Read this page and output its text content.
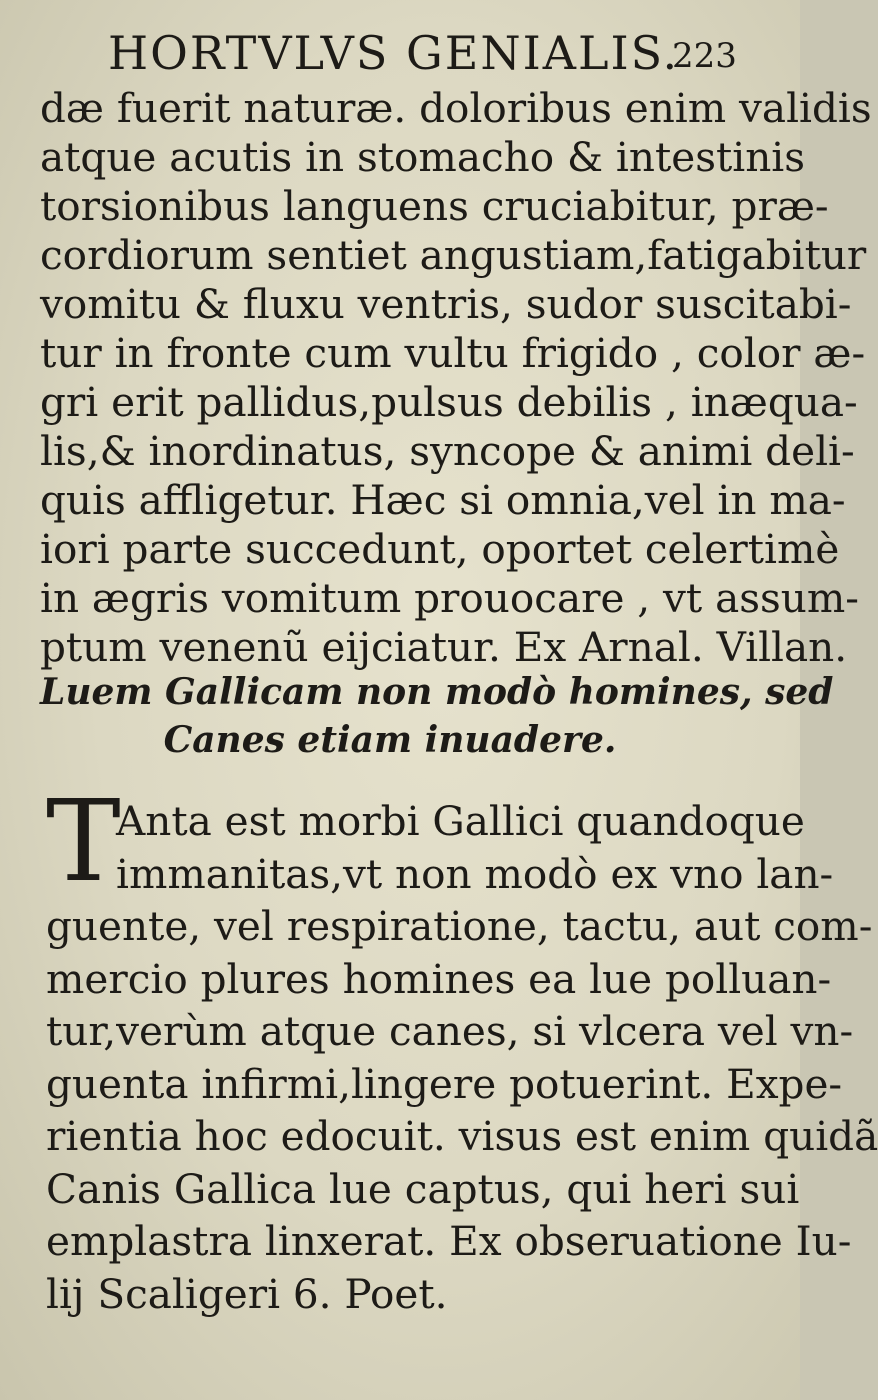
HORTVLVS GENIALIS.
223
dæ fuerit naturæ. doloribus enim validis
atque acutis in stomacho & intestinis
torsionibus languens cruciabitur, præ-
cordiorum sentiet angustiam,fatigabitur
vomitu & fluxu ventris, sudor suscitabi-
tur in fronte cum vultu frigido , color æ-
gri erit pallidus,pulsus debilis , inæqua-
lis,& inordinatus, syncope & animi deli-
quis affligetur. Hæc si omnia,vel in ma-
iori parte succedunt, oportet celertimè
in ægris vomitum prouocare , vt assum-
ptum venenũ eijciatur. Ex Arnal. Villan.
Luem Gallicam non modò homines, sed
Canes etiam inuadere.
T
Anta est morbi Gallici quandoque
immanitas,vt non modò ex vno lan-
guente, vel respiratione, tactu, aut com-
mercio plures homines ea lue polluan-
tur,verùm atque canes, si vlcera vel vn-
guenta infirmi,lingere potuerint. Expe-
rientia hoc edocuit. visus est enim quidã
Canis Gallica lue captus, qui heri sui
emplastra linxerat. Ex obseruatione Iu-
lij Scaligeri 6. Poet.
